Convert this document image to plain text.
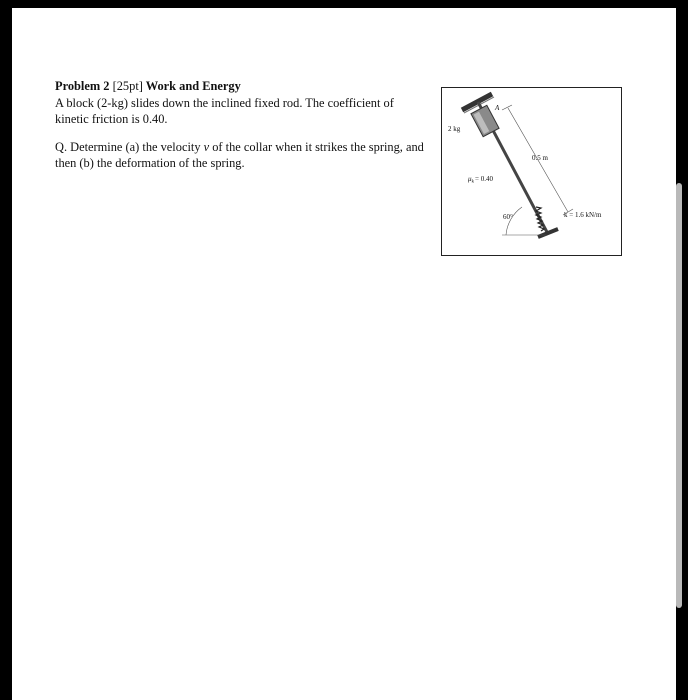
Problem 2 [25pt] Work and Energy

A block (2-kg) slides down the inclined fixed rod. The coefficient of kinetic friction is 0.40.

Q. Determine (a) the velocity v of the collar when it strikes the spring, and then (b) the deformation of the spring.

2 kg
A
0.5 m
$\mu_k= 0.40$
60°	k = 1.6 kN/m
